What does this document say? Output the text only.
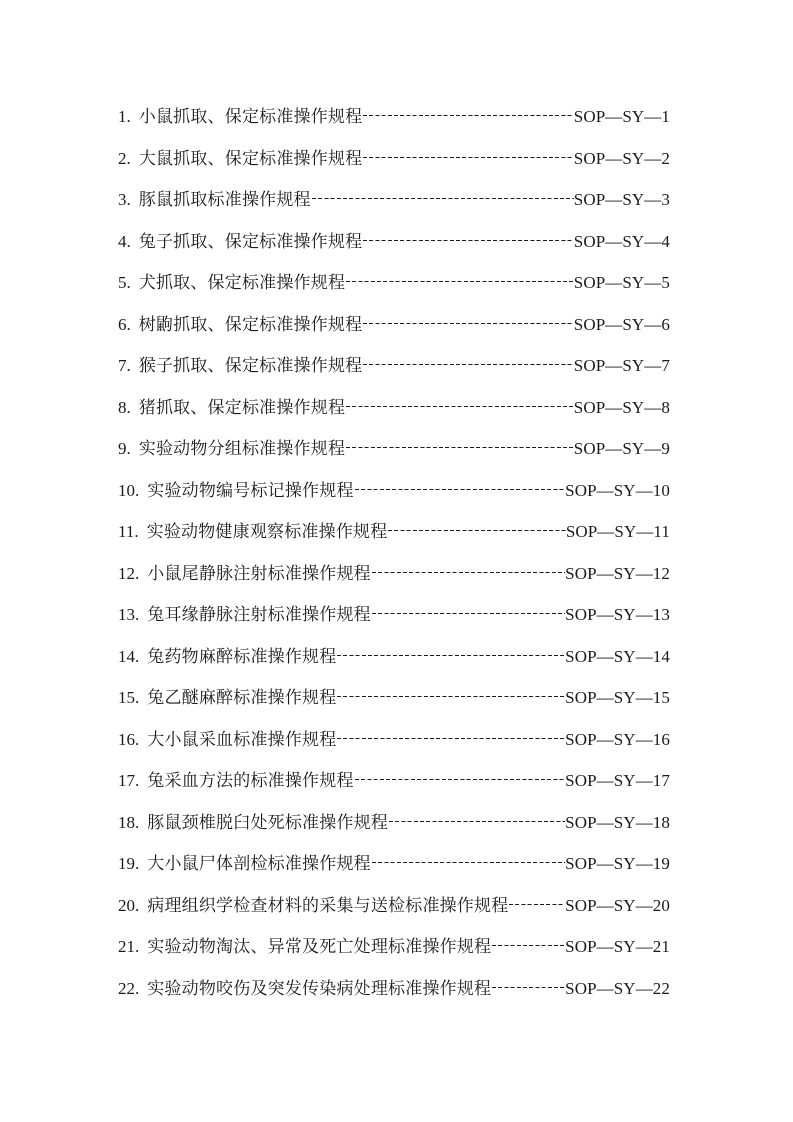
1. 小鼠抓取、保定标准操作规程	SOP—SY—1
2. 大鼠抓取、保定标准操作规程	SOP—SY—2
3. 豚鼠抓取标准操作规程	SOP—SY—3
4. 兔子抓取、保定标准操作规程	SOP—SY—4
5. 犬抓取、保定标准操作规程	SOP—SY—5
6. 树鼩抓取、保定标准操作规程	SOP—SY—6
7. 猴子抓取、保定标准操作规程	SOP—SY—7
8. 猪抓取、保定标准操作规程	SOP—SY—8
9. 实验动物分组标准操作规程	SOP—SY—9
10. 实验动物编号标记操作规程	SOP—SY—10
11. 实验动物健康观察标准操作规程	SOP—SY—11
12. 小鼠尾静脉注射标准操作规程	SOP—SY—12
13. 兔耳缘静脉注射标准操作规程	SOP—SY—13
14. 兔药物麻醉标准操作规程	SOP—SY—14
15. 兔乙醚麻醉标准操作规程	SOP—SY—15
16. 大小鼠采血标准操作规程	SOP—SY—16
17. 兔采血方法的标准操作规程	SOP—SY—17
18. 豚鼠颈椎脱臼处死标准操作规程	SOP—SY—18
19. 大小鼠尸体剖检标准操作规程	SOP—SY—19
20. 病理组织学检查材料的采集与送检标准操作规程	SOP—SY—20
21. 实验动物淘汰、异常及死亡处理标准操作规程	SOP—SY—21
22. 实验动物咬伤及突发传染病处理标准操作规程	SOP—SY—22
